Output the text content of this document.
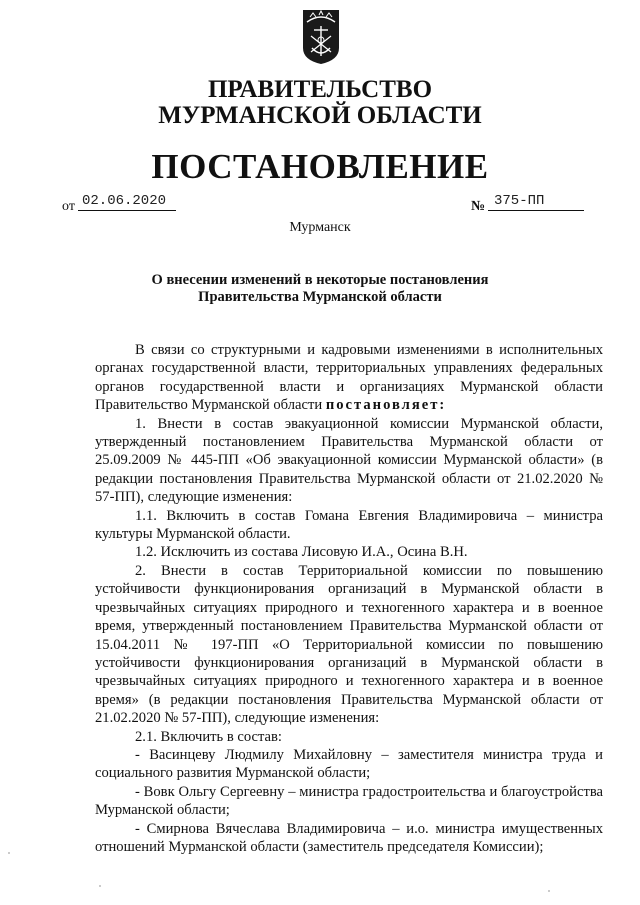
ПРАВИТЕЛЬСТВО
МУРМАНСКОЙ ОБЛАСТИ
ПОСТАНОВЛЕНИЕ
от 02.06.2020	№ 375-ПП
Мурманск
О внесении изменений в некоторые постановления
Правительства Мурманской области

В связи со структурными и кадровыми изменениями в исполнительных органах государственной власти, территориальных управлениях федеральных органов государственной власти и организациях Мурманской области Правительство Мурманской области постановляет:

1. Внести в состав эвакуационной комиссии Мурманской области, утвержденный постановлением Правительства Мурманской области от 25.09.2009 № 445-ПП «Об эвакуационной комиссии Мурманской области» (в редакции постановления Правительства Мурманской области от 21.02.2020 № 57-ПП), следующие изменения:

1.1. Включить в состав Гомана Евгения Владимировича – министра культуры Мурманской области.

1.2. Исключить из состава Лисовую И.А., Осина В.Н.

2. Внести в состав Территориальной комиссии по повышению устойчивости функционирования организаций в Мурманской области в чрезвычайных ситуациях природного и техногенного характера и в военное время, утвержденный постановлением Правительства Мурманской области от 15.04.2011 № 197-ПП «О Территориальной комиссии по повышению устойчивости функционирования организаций в Мурманской области в чрезвычайных ситуациях природного и техногенного характера и в военное время» (в редакции постановления Правительства Мурманской области от 21.02.2020 № 57-ПП), следующие изменения:

2.1. Включить в состав:

- Васинцеву Людмилу Михайловну – заместителя министра труда и социального развития Мурманской области;

- Вовк Ольгу Сергеевну – министра градостроительства и благоустройства Мурманской области;

- Смирнова Вячеслава Владимировича – и.о. министра имущественных отношений Мурманской области (заместитель председателя Комиссии);
